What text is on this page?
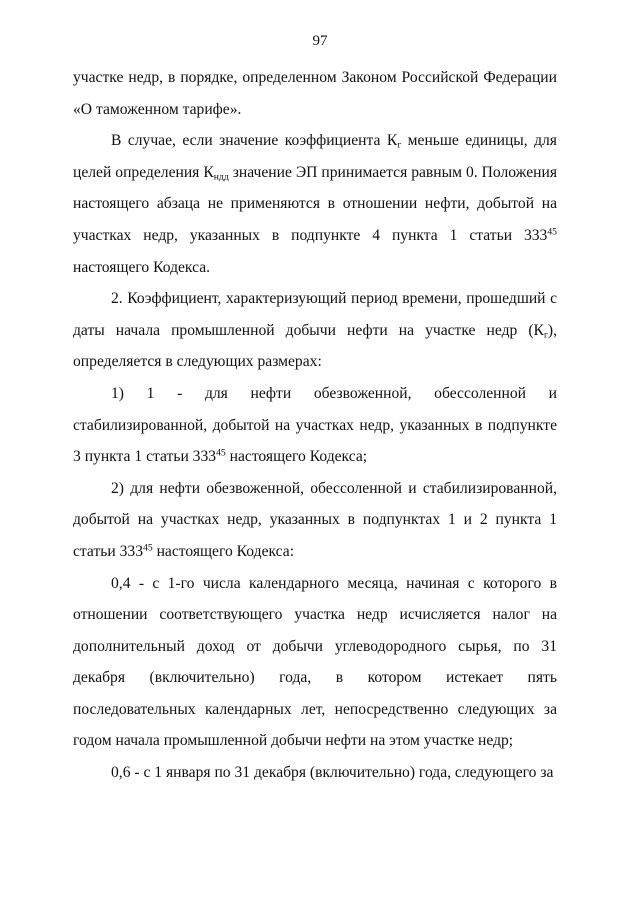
97

участке недр, в порядке, определенном Законом Российской Федерации «О таможенном тарифе».

В случае, если значение коэффициента $К_г$ меньше единицы, для целей определения $К_{ндд}$ значение ЭП принимается равным 0. Положения настоящего абзаца не применяются в отношении нефти, добытой на участках недр, указанных в подпункте 4 пункта 1 статьи $333^{45}$ настоящего Кодекса.

2. Коэффициент, характеризующий период времени, прошедший с даты начала промышленной добычи нефти на участке недр $(К_г)$, определяется в следующих размерах:

1) 1 - для нефти обезвоженной, обессоленной и стабилизированной, добытой на участках недр, указанных в подпункте 3 пункта 1 статьи $333^{45}$ настоящего Кодекса;

2) для нефти обезвоженной, обессоленной и стабилизированной, добытой на участках недр, указанных в подпунктах 1 и 2 пункта 1 статьи $333^{45}$ настоящего Кодекса:

0,4 - с 1-го числа календарного месяца, начиная с которого в отношении соответствующего участка недр исчисляется налог на дополнительный доход от добычи углеводородного сырья, по 31 декабря (включительно) года, в котором истекает пять последовательных календарных лет, непосредственно следующих за годом начала промышленной добычи нефти на этом участке недр;

0,6 - с 1 января по 31 декабря (включительно) года, следующего за
